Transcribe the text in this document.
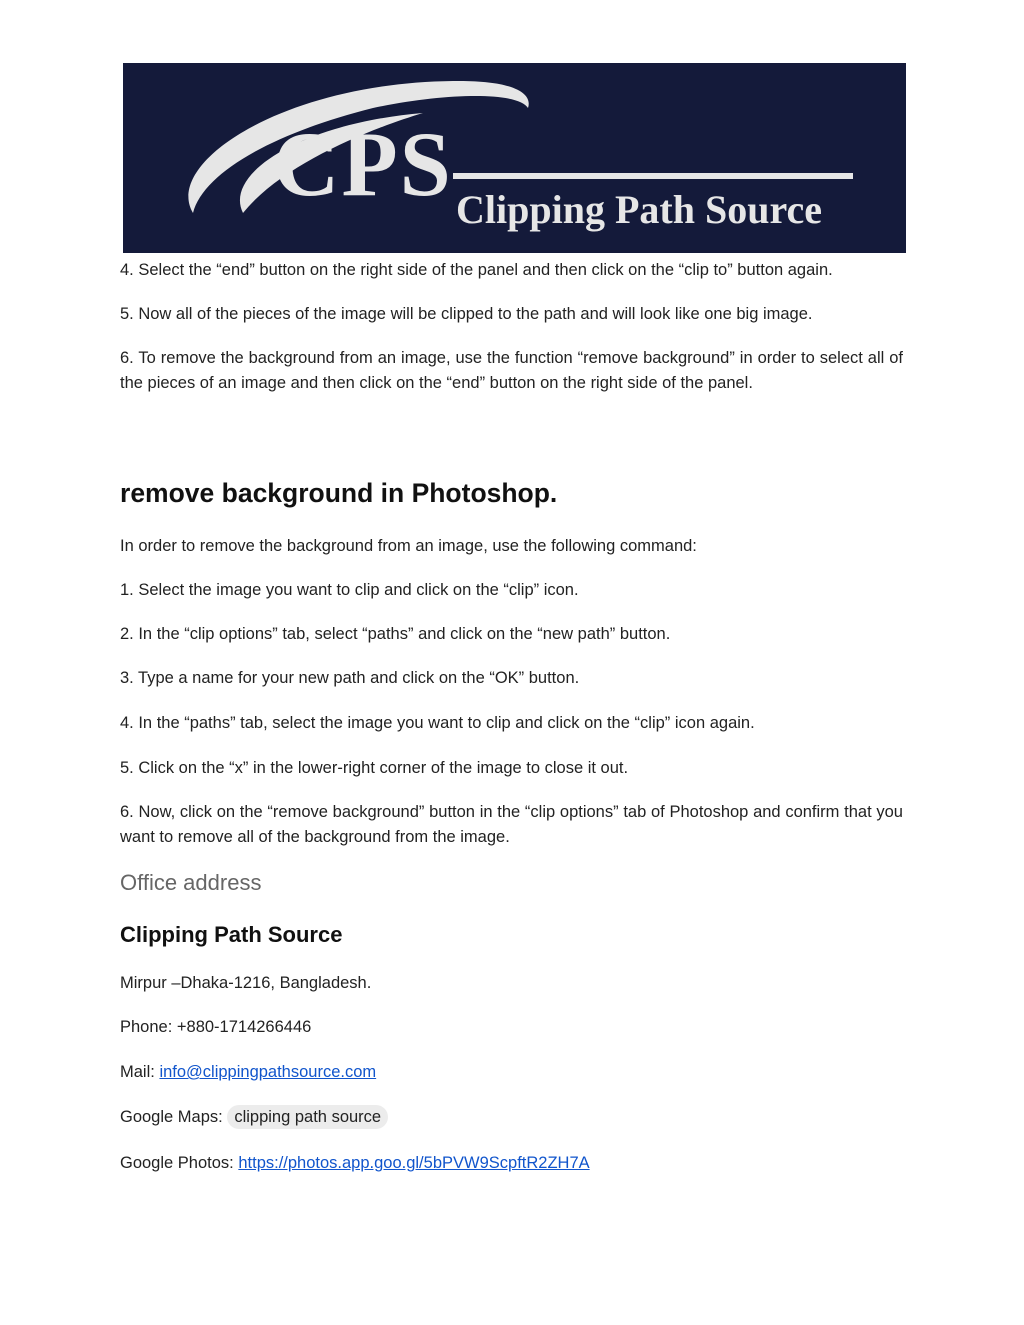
CPS Clipping Path Source

4. Select the “end” button on the right side of the panel and then click on the “clip to” button again.

5. Now all of the pieces of the image will be clipped to the path and will look like one big image.

6. To remove the background from an image, use the function “remove background” in order to select all of the pieces of an image and then click on the “end” button on the right side of the panel.

remove background in Photoshop.

In order to remove the background from an image, use the following command:

1. Select the image you want to clip and click on the “clip” icon.

2. In the “clip options” tab, select “paths” and click on the “new path” button.

3. Type a name for your new path and click on the “OK” button.

4. In the “paths” tab, select the image you want to clip and click on the “clip” icon again.

5. Click on the “x” in the lower-right corner of the image to close it out.

6. Now, click on the “remove background” button in the “clip options” tab of Photoshop and confirm that you want to remove all of the background from the image.

Office address
Clipping Path Source

Mirpur –Dhaka-1216, Bangladesh.

Phone: +880-1714266446

Mail: info@clippingpathsource.com

Google Maps: clipping path source

Google Photos: https://photos.app.goo.gl/5bPVW9ScpftR2ZH7A
